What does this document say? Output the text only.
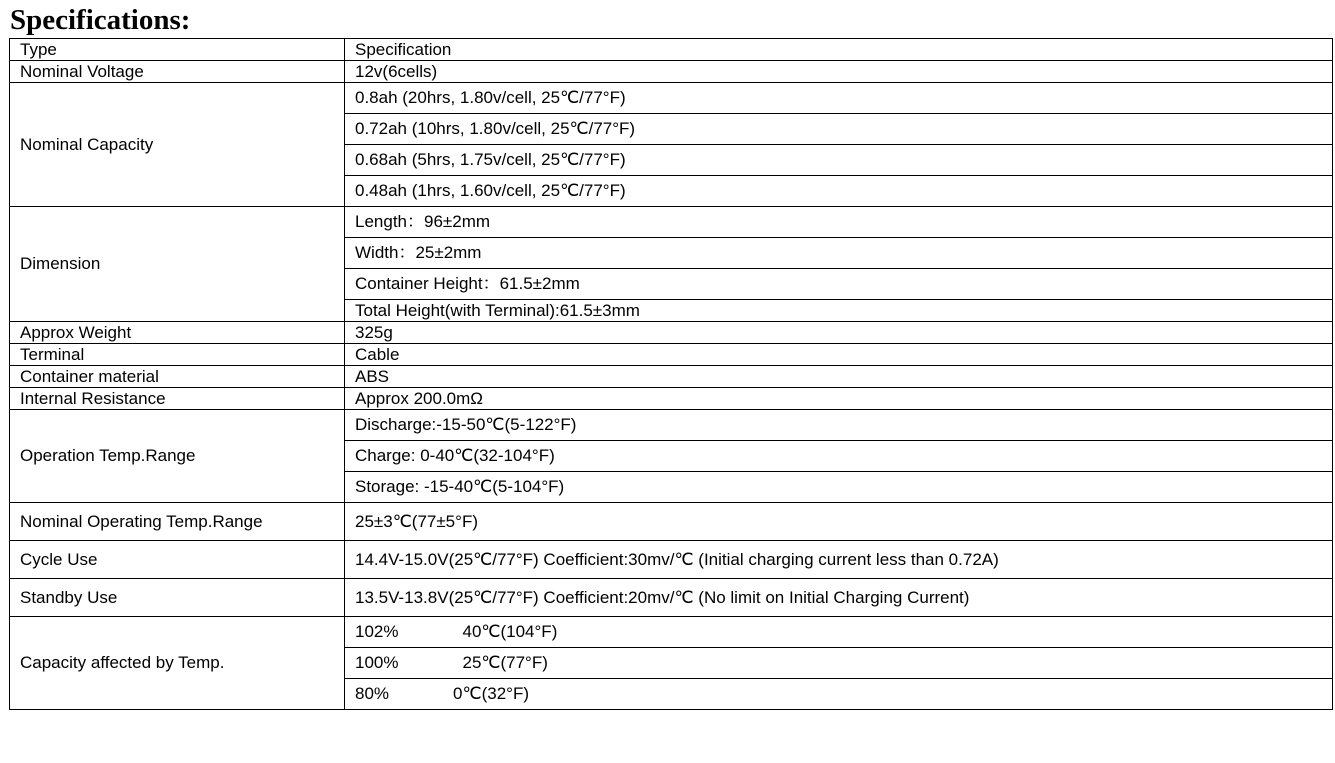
Specifications:
Type	Specification
Nominal Voltage	12v(6cells)
Nominal Capacity	0.8ah (20hrs, 1.80v/cell, 25℃/77°F)
	0.72ah (10hrs, 1.80v/cell, 25℃/77°F)
	0.68ah (5hrs, 1.75v/cell, 25℃/77°F)
	0.48ah (1hrs, 1.60v/cell, 25℃/77°F)
Dimension	Length：96±2mm
	Width：25±2mm
	Container Height：61.5±2mm
	Total Height(with Terminal):61.5±3mm
Approx Weight	325g
Terminal	Cable
Container material	ABS
Internal Resistance	Approx 200.0mΩ
Operation Temp.Range	Discharge:-15-50℃(5-122°F)
	Charge: 0-40℃(32-104°F)
	Storage: -15-40℃(5-104°F)
Nominal Operating Temp.Range	25±3℃(77±5°F)
Cycle Use	14.4V-15.0V(25℃/77°F) Coefficient:30mv/℃ (Initial charging current less than 0.72A)
Standby Use	13.5V-13.8V(25℃/77°F) Coefficient:20mv/℃ (No limit on Initial Charging Current)
Capacity affected by Temp.	102% 40℃(104°F)
	100% 25℃(77°F)
	80% 0℃(32°F)
